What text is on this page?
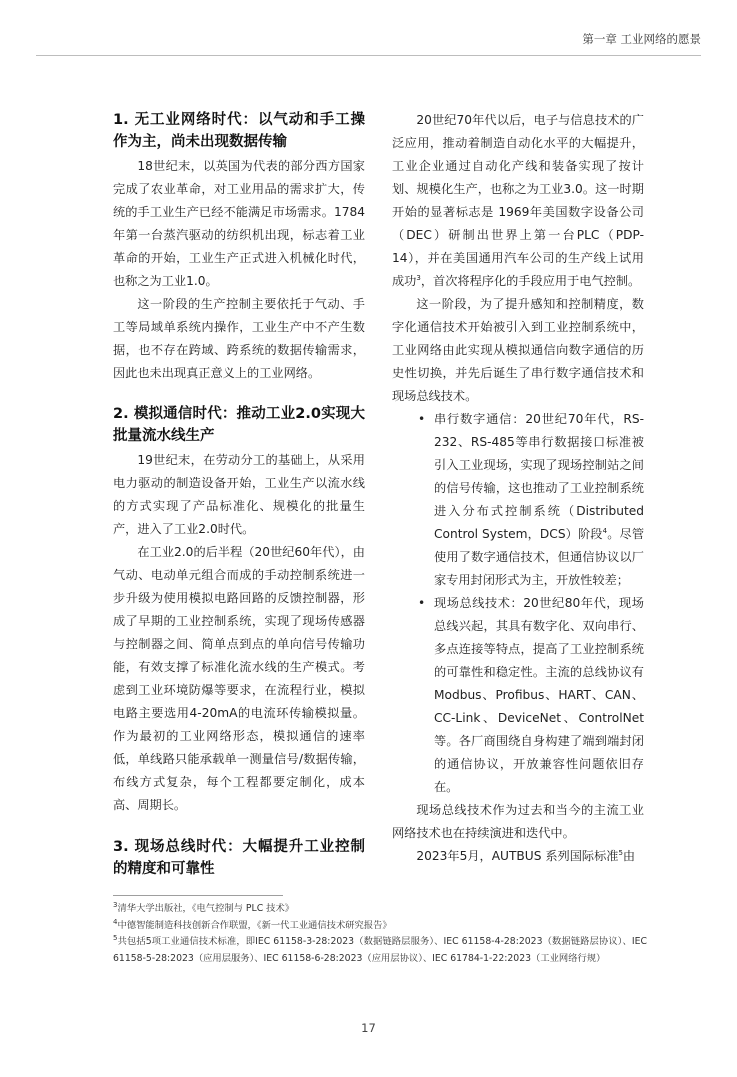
第一章 工业网络的愿景
1. 无工业网络时代：以气动和手工操作为主，尚未出现数据传输

18世纪末，以英国为代表的部分西方国家完成了农业革命，对工业用品的需求扩大，传统的手工业生产已经不能满足市场需求。1784年第一台蒸汽驱动的纺织机出现，标志着工业革命的开始，工业生产正式进入机械化时代，也称之为工业1.0。

这一阶段的生产控制主要依托于气动、手工等局域单系统内操作，工业生产中不产生数据，也不存在跨域、跨系统的数据传输需求，因此也未出现真正意义上的工业网络。

2. 模拟通信时代：推动工业2.0实现大批量流水线生产

19世纪末，在劳动分工的基础上，从采用电力驱动的制造设备开始，工业生产以流水线的方式实现了产品标准化、规模化的批量生产，进入了工业2.0时代。

在工业2.0的后半程（20世纪60年代），由气动、电动单元组合而成的手动控制系统进一步升级为使用模拟电路回路的反馈控制器，形成了早期的工业控制系统，实现了现场传感器与控制器之间、简单点到点的单向信号传输功能，有效支撑了标准化流水线的生产模式。考虑到工业环境防爆等要求，在流程行业，模拟电路主要选用4-20mA的电流环传输模拟量。作为最初的工业网络形态，模拟通信的速率低，单线路只能承载单一测量信号/数据传输，布线方式复杂，每个工程都要定制化，成本高、周期长。

3. 现场总线时代：大幅提升工业控制的精度和可靠性

20世纪70年代以后，电子与信息技术的广泛应用，推动着制造自动化水平的大幅提升，工业企业通过自动化产线和装备实现了按计划、规模化生产，也称之为工业3.0。这一时期开始的显著标志是 1969年美国数字设备公司（DEC）研制出世界上第一台PLC（PDP-14），并在美国通用汽车公司的生产线上试用成功$^3$，首次将程序化的手段应用于电气控制。

这一阶段，为了提升感知和控制精度，数字化通信技术开始被引入到工业控制系统中，工业网络由此实现从模拟通信向数字通信的历史性切换，并先后诞生了串行数字通信技术和现场总线技术。

• 串行数字通信：20世纪70年代，RS-232、RS-485等串行数据接口标准被引入工业现场，实现了现场控制站之间的信号传输，这也推动了工业控制系统进入分布式控制系统（Distributed Control System，DCS）阶段$^4$。尽管使用了数字通信技术，但通信协议以厂家专用封闭形式为主，开放性较差；
• 现场总线技术：20世纪80年代，现场总线兴起，其具有数字化、双向串行、多点连接等特点，提高了工业控制系统的可靠性和稳定性。主流的总线协议有Modbus、Profibus、HART、CAN、CC-Link、DeviceNet、ControlNet等。各厂商围绕自身构建了端到端封闭的通信协议，开放兼容性问题依旧存在。

现场总线技术作为过去和当今的主流工业网络技术也在持续演进和迭代中。

2023年5月，AUTBUS 系列国际标准$^5$由

$^3$清华大学出版社，《电气控制与 PLC 技术》

$^4$中德智能制造科技创新合作联盟，《新一代工业通信技术研究报告》

$^5$共包括5项工业通信技术标准，即IEC 61158-3-28:2023（数据链路层服务）、IEC 61158-4-28:2023（数据链路层协议）、IEC 61158-5-28:2023（应用层服务）、IEC 61158-6-28:2023（应用层协议）、IEC 61784-1-22:2023（工业网络行规）

17
